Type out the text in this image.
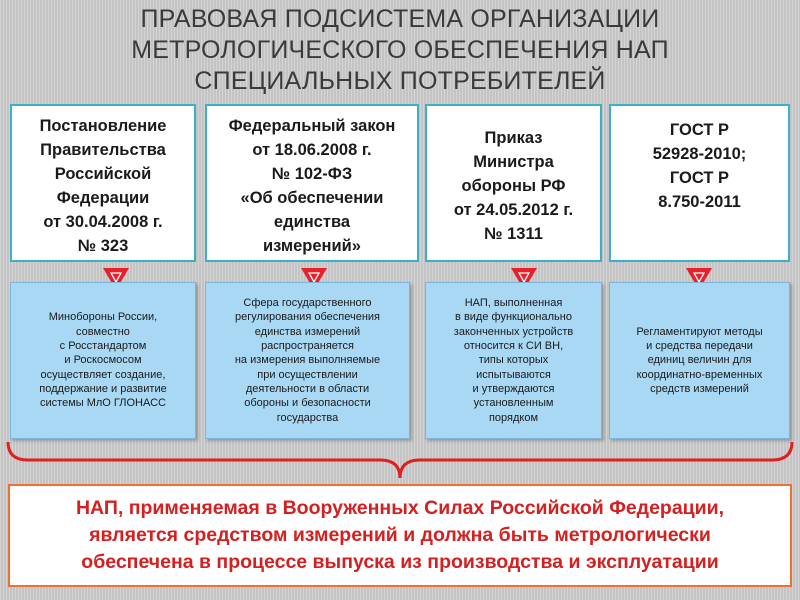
ПРАВОВАЯ ПОДСИСТЕМА ОРГАНИЗАЦИИ
МЕТРОЛОГИЧЕСКОГО ОБЕСПЕЧЕНИЯ НАП
СПЕЦИАЛЬНЫХ ПОТРЕБИТЕЛЕЙ
Постановление
Правительства
Российской
Федерации
от 30.04.2008 г.
№ 323
Федеральный закон
от 18.06.2008 г.
№ 102-ФЗ
«Об обеспечении
единства
измерений»
Приказ
Министра
обороны РФ
от 24.05.2012 г.
№ 1311
ГОСТ Р
52928-2010;
ГОСТ Р
8.750-2011
Минобороны России,
совместно
с Росстандартом
и Роскосмосом
осуществляет создание,
поддержание и развитие
системы МлО ГЛОНАСС
Сфера государственного
регулирования обеспечения
единства измерений
распространяется
на измерения выполняемые
при осуществлении
деятельности в области
обороны и безопасности
государства
НАП, выполненная
в виде функционально
законченных устройств
относится к СИ ВН,
типы которых
испытываются
и утверждаются
установленным
порядком
Регламентируют методы
и средства передачи
единиц величин для
координатно-временных
средств измерений
НАП, применяемая в Вооруженных Силах Российской Федерации,
является средством измерений и должна быть метрологически
обеспечена в процессе выпуска из производства и эксплуатации
